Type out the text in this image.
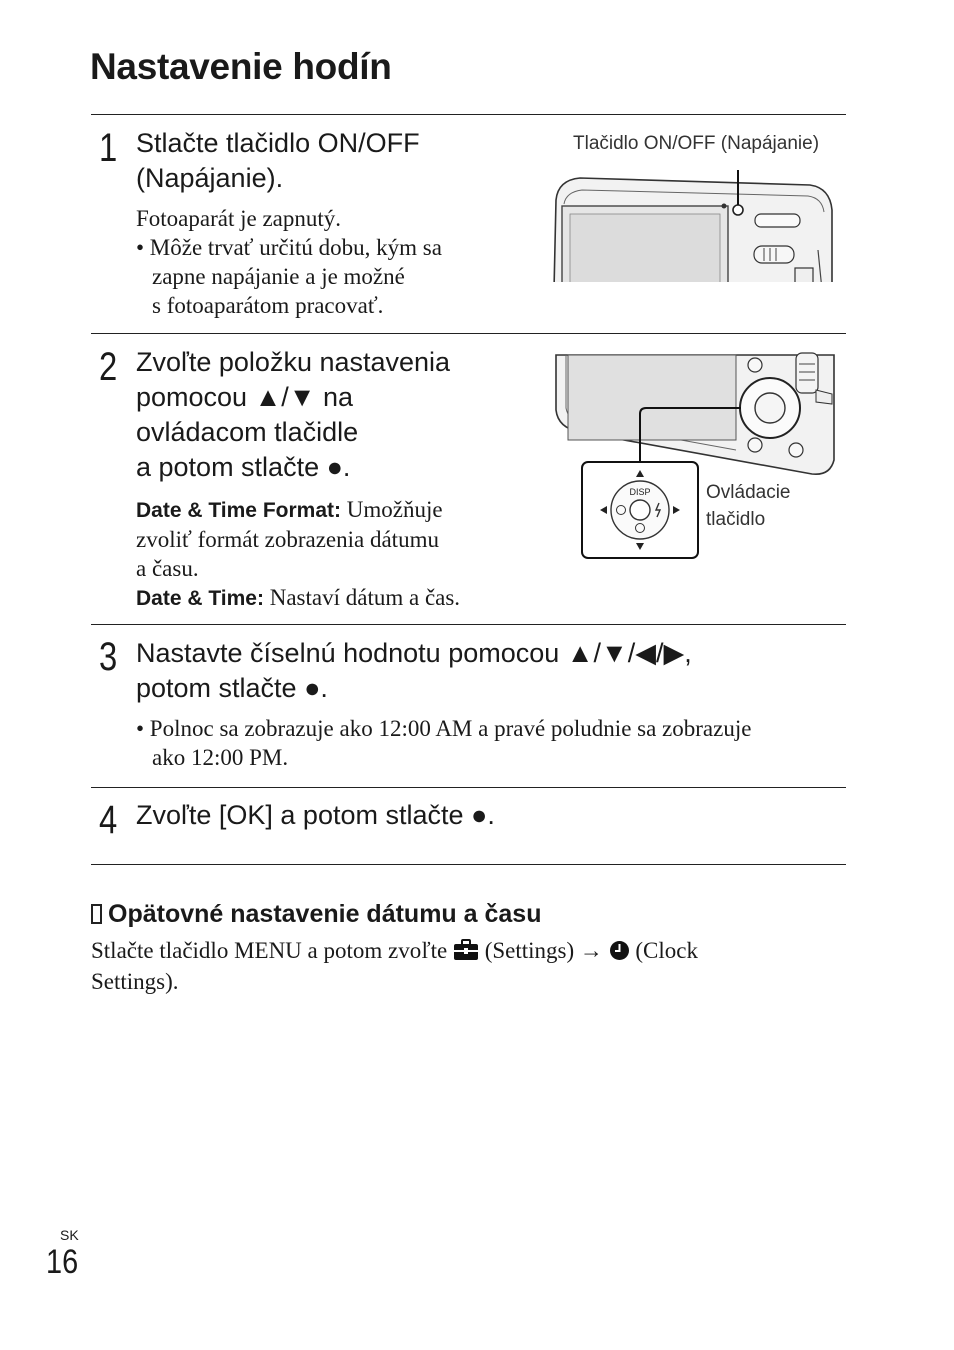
Nastavenie hodín
1 Stlačte tlačidlo ON/OFF
(Napájanie).
Fotoaparát je zapnutý.
• Môže trvať určitú dobu, kým sa
zapne napájanie a je možné
s fotoaparátom pracovať.
Tlačidlo ON/OFF (Napájanie)
2 Zvoľte položku nastavenia
pomocou ▲/▼ na
ovládacom tlačidle
a potom stlačte ●.
Date & Time Format: Umožňuje
zvoliť formát zobrazenia dátumu
a času.
Date & Time: Nastaví dátum a čas.
DISP	Ovládacie
tlačidlo
3 Nastavte číselnú hodnotu pomocou ▲/▼/◀/▶,
potom stlačte ●.
• Polnoc sa zobrazuje ako 12:00 AM a pravé poludnie sa zobrazuje
ako 12:00 PM.
4 Zvoľte [OK] a potom stlačte ●.
Opätovné nastavenie dátumu a času
Stlačte tlačidlo MENU a potom zvoľte  (Settings) →  (Clock
Settings).
SK
16
